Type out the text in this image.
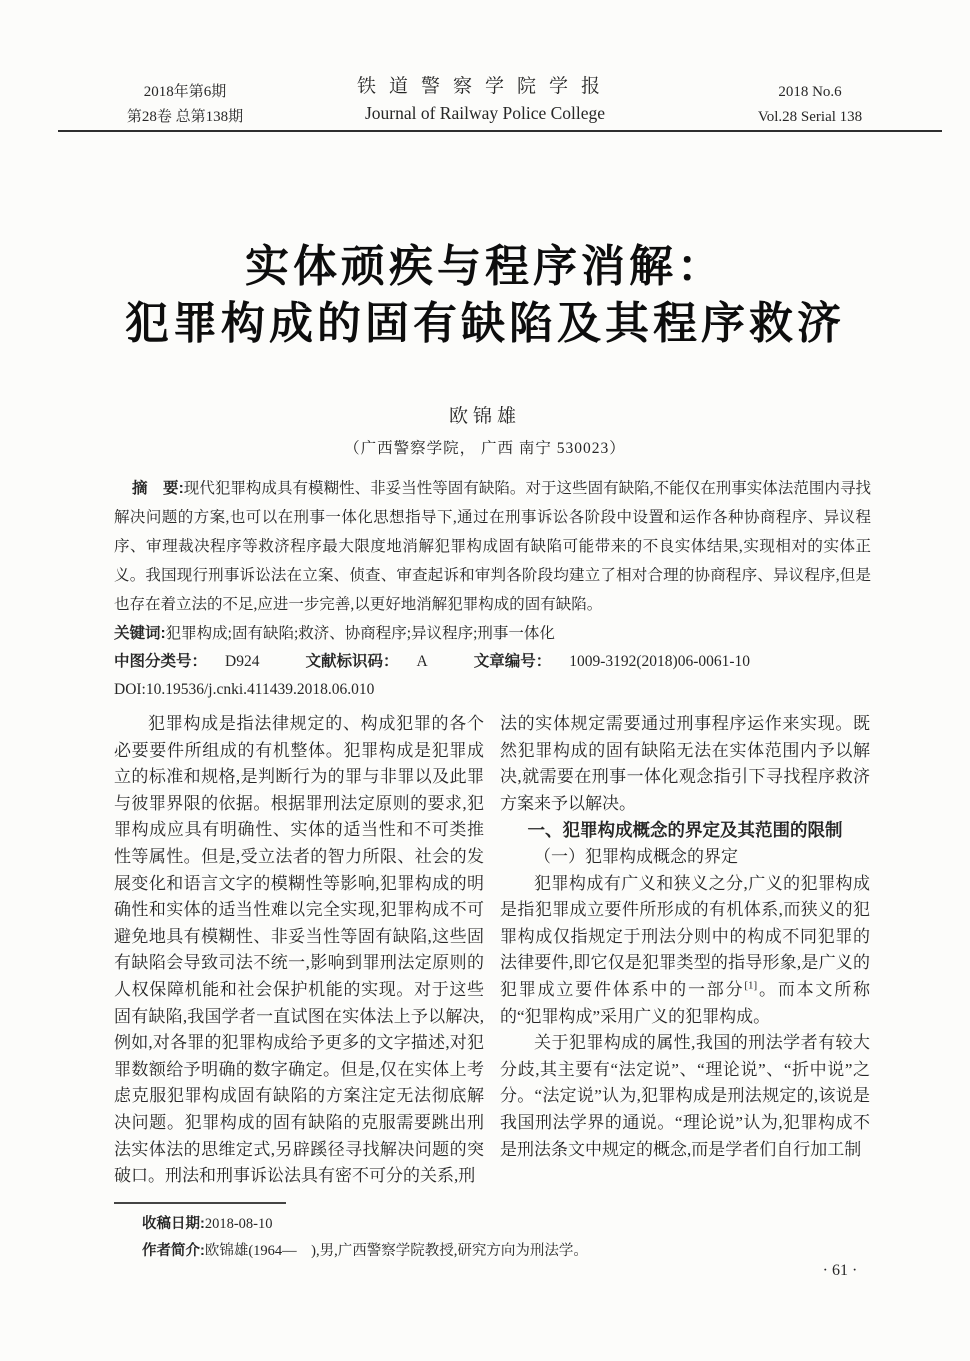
2018年第6期
第28卷 总第138期
铁道警察学院学报
Journal of Railway Police College
2018 No.6
Vol.28 Serial 138
实体顽疾与程序消解：
犯罪构成的固有缺陷及其程序救济
欧锦雄
（广西警察学院， 广西 南宁 530023）

摘　要:现代犯罪构成具有模糊性、非妥当性等固有缺陷。对于这些固有缺陷,不能仅在刑事实体法范围内寻找解决问题的方案,也可以在刑事一体化思想指导下,通过在刑事诉讼各阶段中设置和运作各种协商程序、异议程序、审理裁决程序等救济程序最大限度地消解犯罪构成固有缺陷可能带来的不良实体结果,实现相对的实体正义。我国现行刑事诉讼法在立案、侦查、审查起诉和审判各阶段均建立了相对合理的协商程序、异议程序,但是也存在着立法的不足,应进一步完善,以更好地消解犯罪构成的固有缺陷。

关键词:犯罪构成;固有缺陷;救济、协商程序;异议程序;刑事一体化

中图分类号： D924	文献标识码： A	文章编号： 1009-3192(2018)06-0061-10

DOI:10.19536/j.cnki.411439.2018.06.010

犯罪构成是指法律规定的、构成犯罪的各个必要要件所组成的有机整体。犯罪构成是犯罪成立的标准和规格,是判断行为的罪与非罪以及此罪与彼罪界限的依据。根据罪刑法定原则的要求,犯罪构成应具有明确性、实体的适当性和不可类推性等属性。但是,受立法者的智力所限、社会的发展变化和语言文字的模糊性等影响,犯罪构成的明确性和实体的适当性难以完全实现,犯罪构成不可避免地具有模糊性、非妥当性等固有缺陷,这些固有缺陷会导致司法不统一,影响到罪刑法定原则的人权保障机能和社会保护机能的实现。对于这些固有缺陷,我国学者一直试图在实体法上予以解决,例如,对各罪的犯罪构成给予更多的文字描述,对犯罪数额给予明确的数字确定。但是,仅在实体上考虑克服犯罪构成固有缺陷的方案注定无法彻底解决问题。犯罪构成的固有缺陷的克服需要跳出刑法实体法的思维定式,另辟蹊径寻找解决问题的突破口。刑法和刑事诉讼法具有密不可分的关系,刑

法的实体规定需要通过刑事程序运作来实现。既然犯罪构成的固有缺陷无法在实体范围内予以解决,就需要在刑事一体化观念指引下寻找程序救济方案来予以解决。

一、犯罪构成概念的界定及其范围的限制

（一）犯罪构成概念的界定

犯罪构成有广义和狭义之分,广义的犯罪构成是指犯罪成立要件所形成的有机体系,而狭义的犯罪构成仅指规定于刑法分则中的构成不同犯罪的法律要件,即它仅是犯罪类型的指导形象,是广义的犯罪成立要件体系中的一部分[1]。而本文所称的“犯罪构成”采用广义的犯罪构成。

关于犯罪构成的属性,我国的刑法学者有较大分歧,其主要有“法定说”、“理论说”、“折中说”之分。“法定说”认为,犯罪构成是刑法规定的,该说是我国刑法学界的通说。“理论说”认为,犯罪构成不是刑法条文中规定的概念,而是学者们自行加工制

收稿日期:2018-08-10
作者简介:欧锦雄(1964—　),男,广西警察学院教授,研究方向为刑法学。
· 61 ·
